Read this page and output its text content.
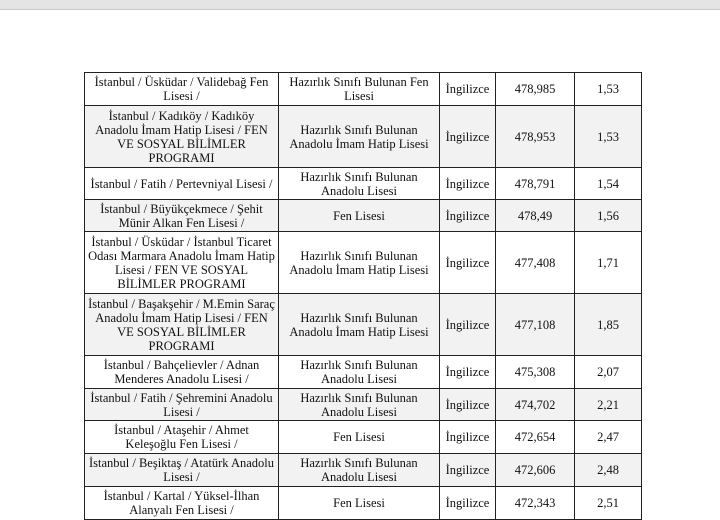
İstanbul / Üsküdar / Validebağ Fen Lisesi /	Hazırlık Sınıfı Bulunan Fen Lisesi	İngilizce	478,985	1,53
İstanbul / Kadıköy / Kadıköy Anadolu İmam Hatip Lisesi / FEN VE SOSYAL BİLİMLER PROGRAMI	Hazırlık Sınıfı Bulunan Anadolu İmam Hatip Lisesi	İngilizce	478,953	1,53
İstanbul / Fatih / Pertevniyal Lisesi /	Hazırlık Sınıfı Bulunan Anadolu Lisesi	İngilizce	478,791	1,54
İstanbul / Büyükçekmece / Şehit Münir Alkan Fen Lisesi /	Fen Lisesi	İngilizce	478,49	1,56
İstanbul / Üsküdar / İstanbul Ticaret Odası Marmara Anadolu İmam Hatip Lisesi / FEN VE SOSYAL BİLİMLER PROGRAMI	Hazırlık Sınıfı Bulunan Anadolu İmam Hatip Lisesi	İngilizce	477,408	1,71
İstanbul / Başakşehir / M.Emin Saraç Anadolu İmam Hatip Lisesi / FEN VE SOSYAL BİLİMLER PROGRAMI	Hazırlık Sınıfı Bulunan Anadolu İmam Hatip Lisesi	İngilizce	477,108	1,85
İstanbul / Bahçelievler / Adnan Menderes Anadolu Lisesi /	Hazırlık Sınıfı Bulunan Anadolu Lisesi	İngilizce	475,308	2,07
İstanbul / Fatih / Şehremini Anadolu Lisesi /	Hazırlık Sınıfı Bulunan Anadolu Lisesi	İngilizce	474,702	2,21
İstanbul / Ataşehir / Ahmet Keleşoğlu Fen Lisesi /	Fen Lisesi	İngilizce	472,654	2,47
İstanbul / Beşiktaş / Atatürk Anadolu Lisesi /	Hazırlık Sınıfı Bulunan Anadolu Lisesi	İngilizce	472,606	2,48
İstanbul / Kartal / Yüksel-İlhan Alanyalı Fen Lisesi /	Fen Lisesi	İngilizce	472,343	2,51
